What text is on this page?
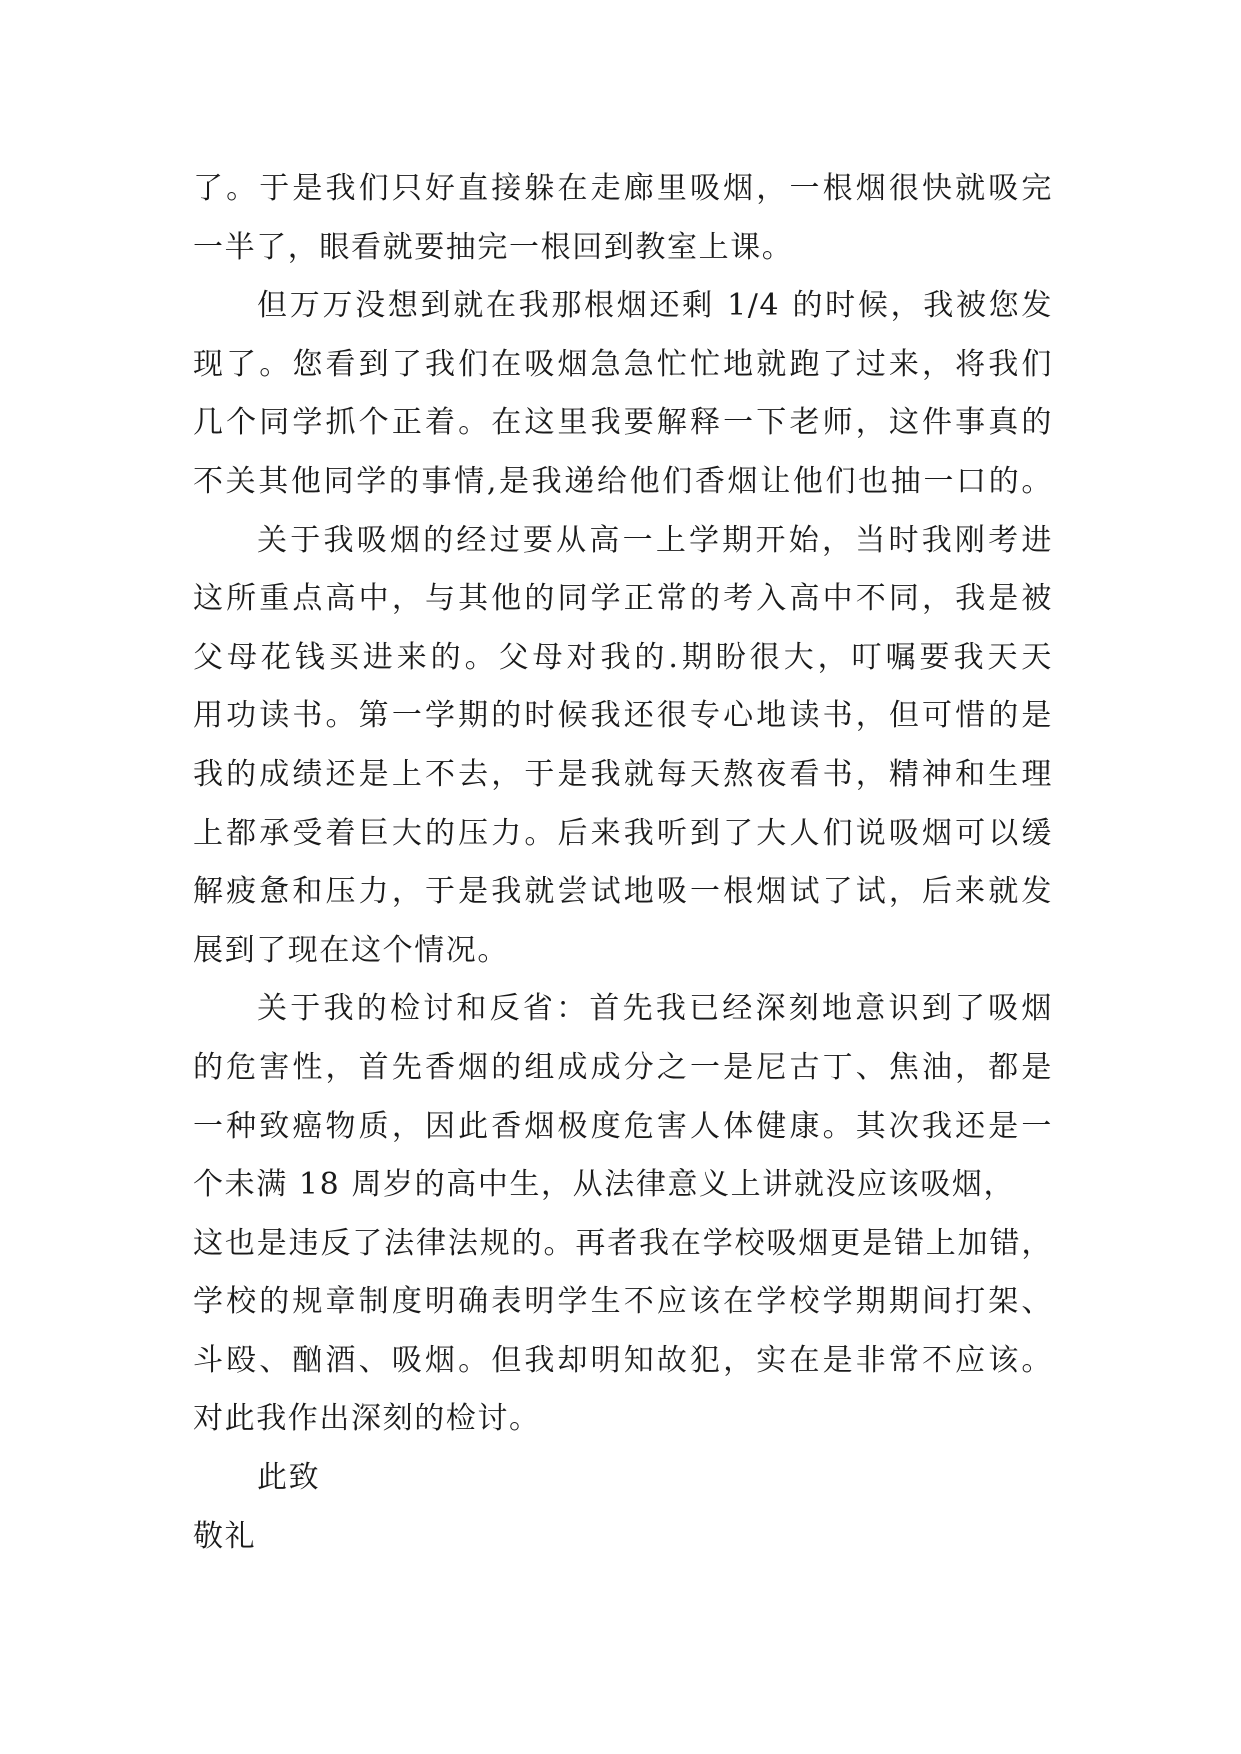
了。于是我们只好直接躲在走廊里吸烟，一根烟很快就吸完
一半了，眼看就要抽完一根回到教室上课。
但万万没想到就在我那根烟还剩 1/4 的时候，我被您发
现了。您看到了我们在吸烟急急忙忙地就跑了过来，将我们
几个同学抓个正着。在这里我要解释一下老师，这件事真的
不关其他同学的事情,是我递给他们香烟让他们也抽一口的。
关于我吸烟的经过要从高一上学期开始，当时我刚考进
这所重点高中，与其他的同学正常的考入高中不同，我是被
父母花钱买进来的。父母对我的.期盼很大，叮嘱要我天天
用功读书。第一学期的时候我还很专心地读书，但可惜的是
我的成绩还是上不去，于是我就每天熬夜看书，精神和生理
上都承受着巨大的压力。后来我听到了大人们说吸烟可以缓
解疲惫和压力，于是我就尝试地吸一根烟试了试，后来就发
展到了现在这个情况。
关于我的检讨和反省：首先我已经深刻地意识到了吸烟
的危害性，首先香烟的组成成分之一是尼古丁、焦油，都是
一种致癌物质，因此香烟极度危害人体健康。其次我还是一
个未满 18 周岁的高中生，从法律意义上讲就没应该吸烟，
这也是违反了法律法规的。再者我在学校吸烟更是错上加错，
学校的规章制度明确表明学生不应该在学校学期期间打架、
斗殴、酗酒、吸烟。但我却明知故犯，实在是非常不应该。
对此我作出深刻的检讨。
此致
敬礼
